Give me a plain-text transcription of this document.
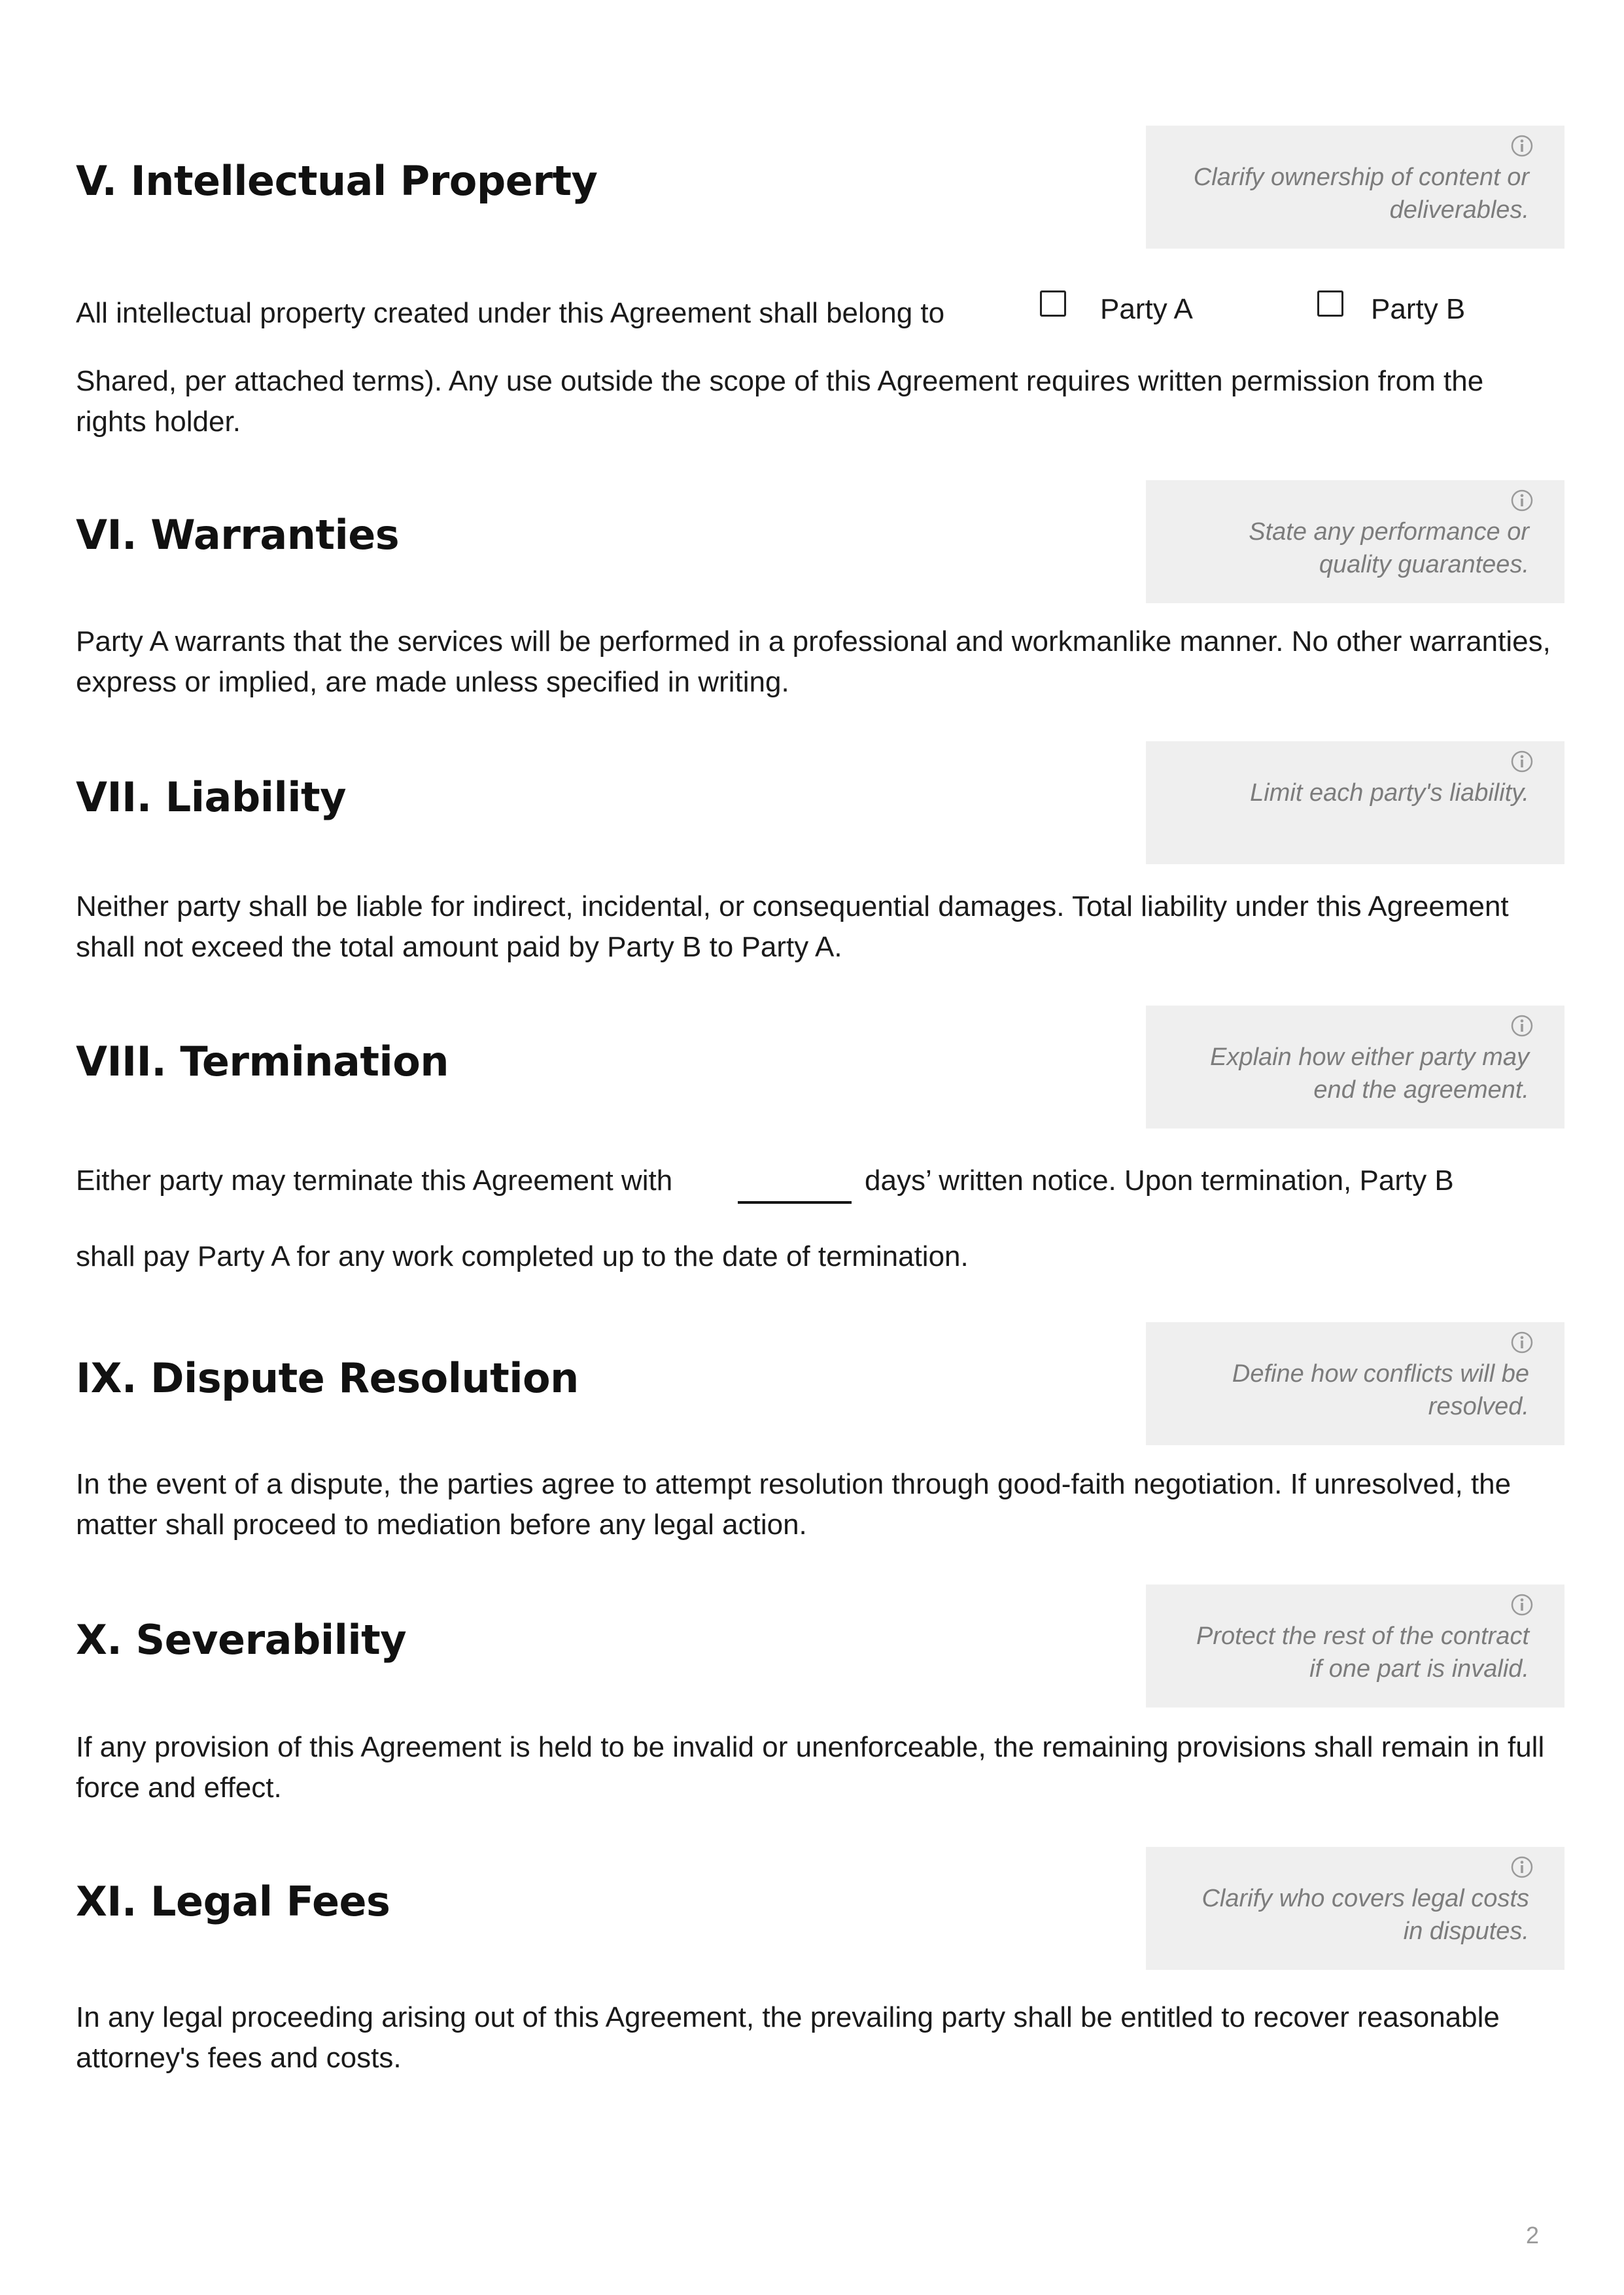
V. Intellectual Property	Clarify ownership of content or deliverables.
All intellectual property created under this Agreement shall belong to	Party A	Party B

Shared, per attached terms). Any use outside the scope of this Agreement requires written permission from the rights holder.

VI. Warranties	State any performance or quality guarantees.

Party A warrants that the services will be performed in a professional and workmanlike manner. No other warranties, express or implied, are made unless specified in writing.

VII. Liability	Limit each party's liability.

Neither party shall be liable for indirect, incidental, or consequential damages. Total liability under this Agreement shall not exceed the total amount paid by Party B to Party A.

VIII. Termination	Explain how either party may end the agreement.
Either party may terminate this Agreement with	days’ written notice. Upon termination, Party B

shall pay Party A for any work completed up to the date of termination.

IX. Dispute Resolution	Define how conflicts will be resolved.

In the event of a dispute, the parties agree to attempt resolution through good-faith negotiation. If unresolved, the matter shall proceed to mediation before any legal action.

X. Severability	Protect the rest of the contract if one part is invalid.

If any provision of this Agreement is held to be invalid or unenforceable, the remaining provisions shall remain in full force and effect.

XI. Legal Fees	Clarify who covers legal costs in disputes.

In any legal proceeding arising out of this Agreement, the prevailing party shall be entitled to recover reasonable attorney's fees and costs.

2
